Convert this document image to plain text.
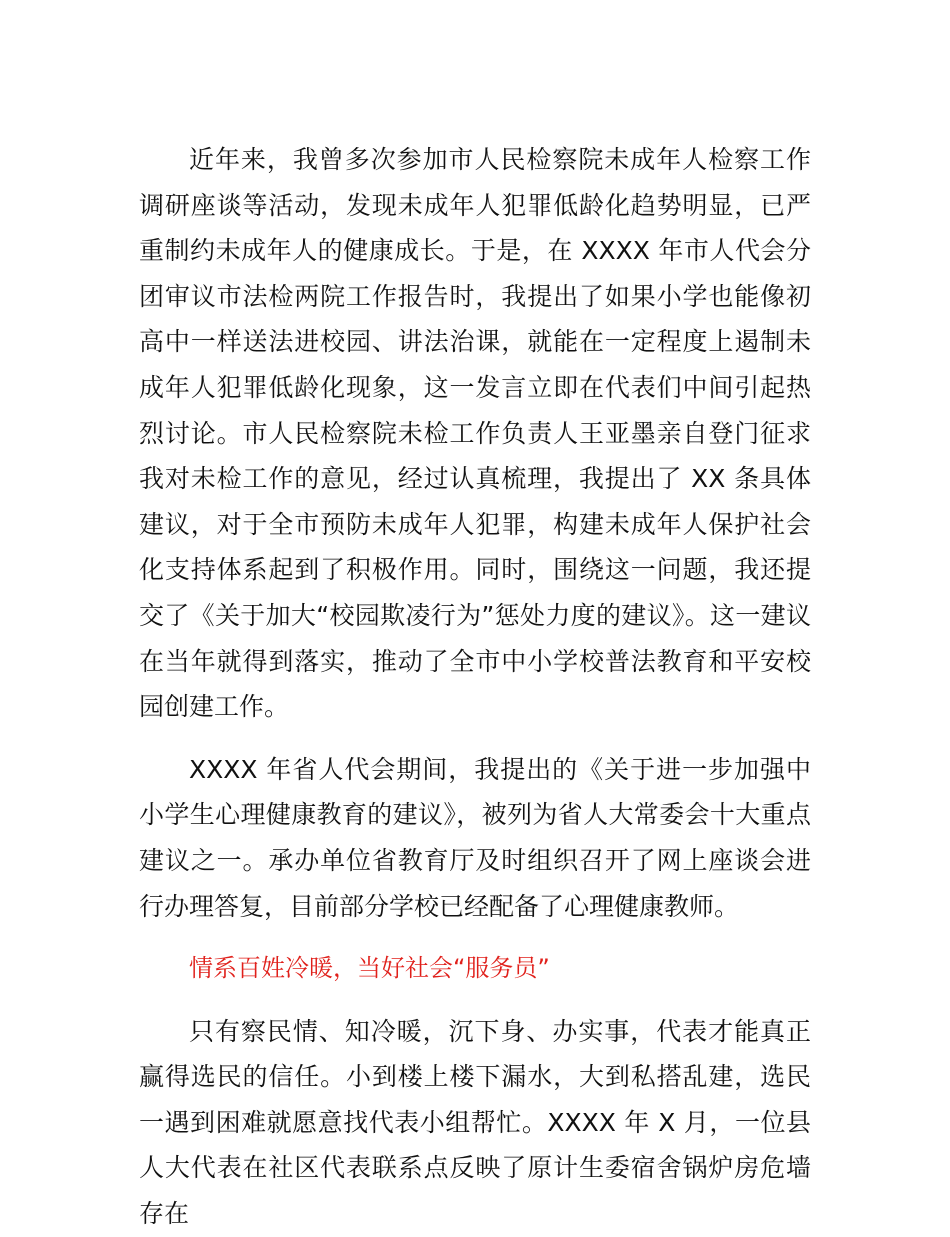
近年来，我曾多次参加市人民检察院未成年人检察工作调研座谈等活动，发现未成年人犯罪低龄化趋势明显，已严重制约未成年人的健康成长。于是，在 XXXX 年市人代会分团审议市法检两院工作报告时，我提出了如果小学也能像初高中一样送法进校园、讲法治课，就能在一定程度上遏制未成年人犯罪低龄化现象，这一发言立即在代表们中间引起热烈讨论。市人民检察院未检工作负责人王亚墨亲自登门征求我对未检工作的意见，经过认真梳理，我提出了 XX 条具体建议，对于全市预防未成年人犯罪，构建未成年人保护社会化支持体系起到了积极作用。同时，围绕这一问题，我还提交了《关于加大“校园欺凌行为”惩处力度的建议》。这一建议在当年就得到落实，推动了全市中小学校普法教育和平安校园创建工作。

XXXX 年省人代会期间，我提出的《关于进一步加强中小学生心理健康教育的建议》，被列为省人大常委会十大重点建议之一。承办单位省教育厅及时组织召开了网上座谈会进行办理答复，目前部分学校已经配备了心理健康教师。

情系百姓冷暖，当好社会“服务员”

只有察民情、知冷暖，沉下身、办实事，代表才能真正赢得选民的信任。小到楼上楼下漏水，大到私搭乱建，选民一遇到困难就愿意找代表小组帮忙。XXXX 年 X 月，一位县人大代表在社区代表联系点反映了原计生委宿舍锅炉房危墙存在
